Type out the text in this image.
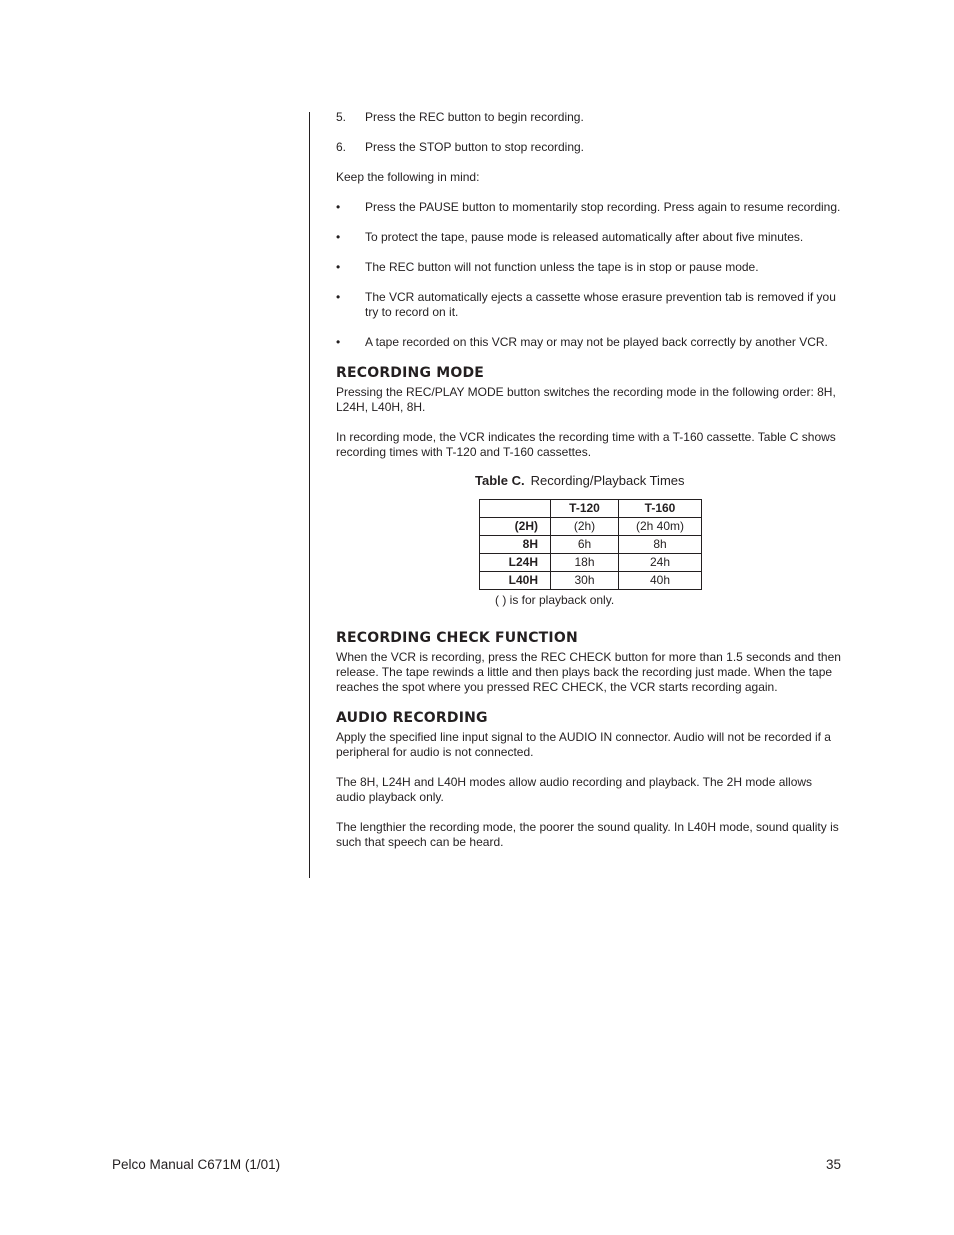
5. Press the REC button to begin recording.
6. Press the STOP button to stop recording.
Keep the following in mind:
• Press the PAUSE button to momentarily stop recording. Press again to resume recording.
• To protect the tape, pause mode is released automatically after about five minutes.
• The REC button will not function unless the tape is in stop or pause mode.
• The VCR automatically ejects a cassette whose erasure prevention tab is removed if you try to record on it.
• A tape recorded on this VCR may or may not be played back correctly by another VCR.
RECORDING MODE
Pressing the REC/PLAY MODE button switches the recording mode in the following order: 8H, L24H, L40H, 8H.
In recording mode, the VCR indicates the recording time with a T-160 cassette. Table C shows recording times with T-120 and T-160 cassettes.
Table C. Recording/Playback Times
	T-120	T-160
(2H)	(2h)	(2h 40m)
8H	6h	8h
L24H	18h	24h
L40H	30h	40h
( ) is for playback only.
RECORDING CHECK FUNCTION
When the VCR is recording, press the REC CHECK button for more than 1.5 seconds and then release. The tape rewinds a little and then plays back the recording just made. When the tape reaches the spot where you pressed REC CHECK, the VCR starts recording again.
AUDIO RECORDING
Apply the specified line input signal to the AUDIO IN connector. Audio will not be recorded if a peripheral for audio is not connected.
The 8H, L24H and L40H modes allow audio recording and playback. The 2H mode allows audio playback only.
The lengthier the recording mode, the poorer the sound quality. In L40H mode, sound quality is such that speech can be heard.
Pelco Manual C671M (1/01)	35
